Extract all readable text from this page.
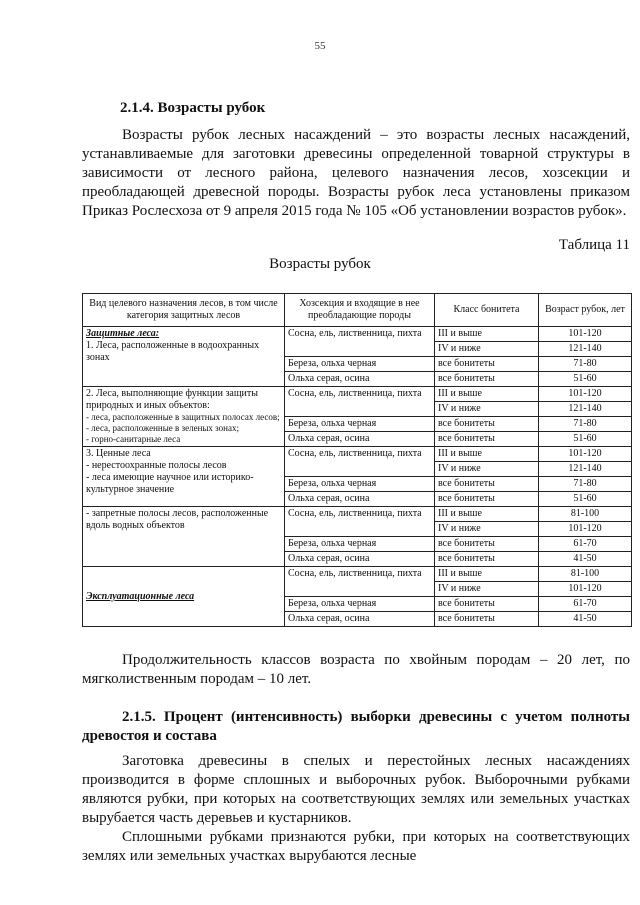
55
2.1.4. Возрасты рубок
Возрасты рубок лесных насаждений – это возрасты лесных насаждений, устанавливаемые для заготовки древесины определенной товарной структуры в зависимости от лесного района, целевого назначения лесов, хозсекции и преобладающей древесной породы. Возрасты рубок леса установлены приказом Приказ Рослесхоза от 9 апреля 2015 года № 105 «Об установлении возрастов рубок».
Таблица 11
Возрасты рубок
Вид целевого назначения лесов, в том числе категория защитных лесов	Хозсекция и входящие в нее преобладающие породы	Класс бонитета	Возраст рубок, лет

Защитные леса:
1. Леса, расположенные в водоохранных зонах	Сосна, ель, лиственница, пихта	III и выше	101-120
		IV и ниже	121-140
	Береза, ольха черная	все бонитеты	71-80
	Ольха серая, осина	все бонитеты	51-60

2. Леса, выполняющие функции защиты природных и иных объектов:
- леса, расположенные в защитных полосах лесов;
- леса, расположенные в зеленых зонах;
- горно-санитарные леса	Сосна, ель, лиственница, пихта	III и выше	101-120
		IV и ниже	121-140
	Береза, ольха черная	все бонитеты	71-80
	Ольха серая, осина	все бонитеты	51-60

3. Ценные леса
- нерестоохранные полосы лесов
- леса имеющие научное или историко-культурное значение	Сосна, ель, лиственница, пихта	III и выше	101-120
		IV и ниже	121-140
	Береза, ольха черная	все бонитеты	71-80
	Ольха серая, осина	все бонитеты	51-60

- запретные полосы лесов, расположенные вдоль водных объектов	Сосна, ель, лиственница, пихта	III и выше	81-100
		IV и ниже	101-120
	Береза, ольха черная	все бонитеты	61-70
	Ольха серая, осина	все бонитеты	41-50

Эксплуатационные леса	Сосна, ель, лиственница, пихта	III и выше	81-100
		IV и ниже	101-120
	Береза, ольха черная	все бонитеты	61-70
	Ольха серая, осина	все бонитеты	41-50
Продолжительность классов возраста по хвойным породам – 20 лет, по мягколиственным породам – 10 лет.
2.1.5. Процент (интенсивность) выборки древесины с учетом полноты древостоя и состава
Заготовка древесины в спелых и перестойных лесных насаждениях производится в форме сплошных и выборочных рубок. Выборочными рубками являются рубки, при которых на соответствующих землях или земельных участках вырубается часть деревьев и кустарников.
Сплошными рубками признаются рубки, при которых на соответствующих землях или земельных участках вырубаются лесные
